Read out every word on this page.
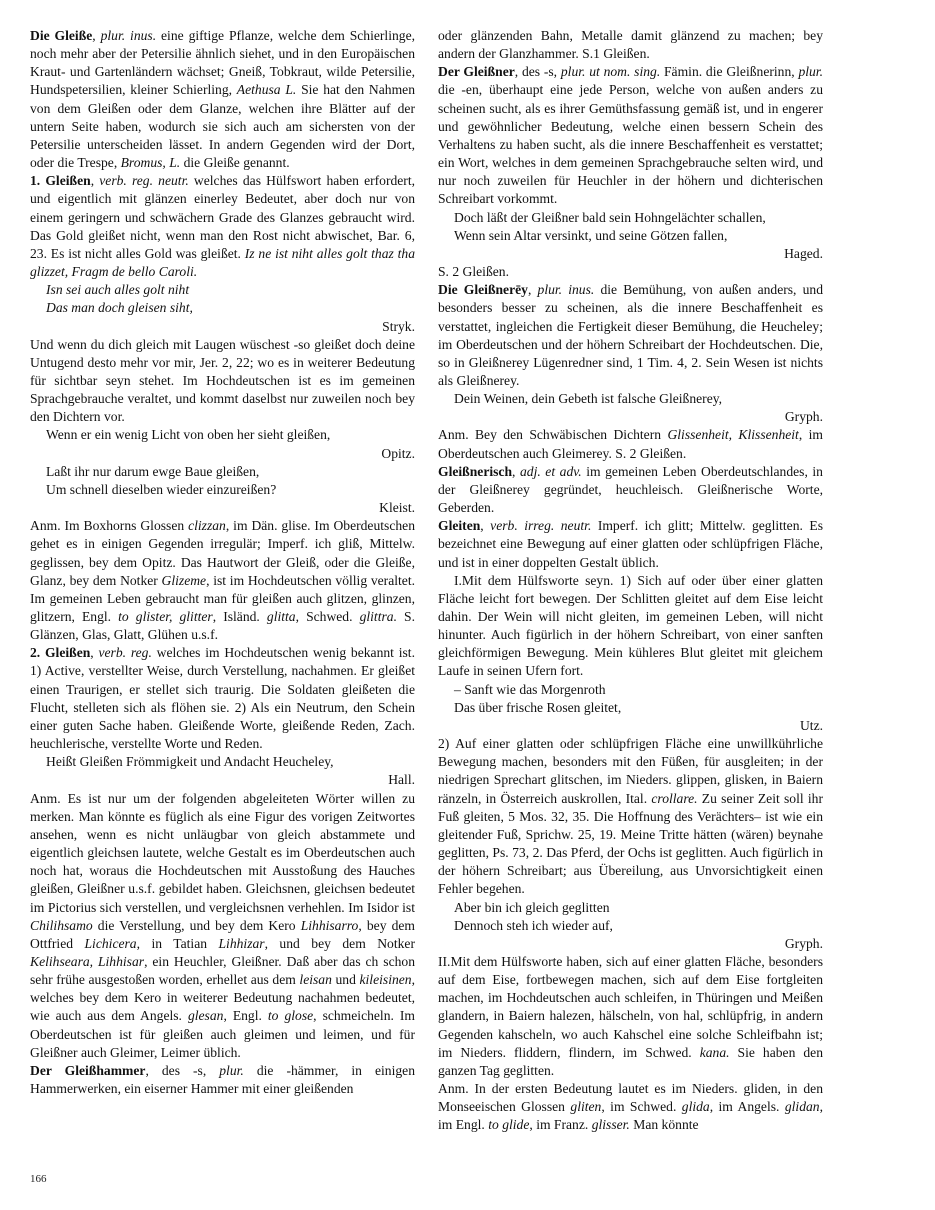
Die Gleiße, plur. inus. eine giftige Pflanze, welche dem Schierlinge, noch mehr aber der Petersilie ähnlich siehet, und in den Europäischen Kraut- und Gartenländern wächset; Gneiß, Tobkraut, wilde Petersilie, Hundspetersilien, kleiner Schierling, Aethusa L. Sie hat den Nahmen von dem Gleißen oder dem Glanze, welchen ihre Blätter auf der untern Seite haben, wodurch sie sich auch am sichersten von der Petersilie unterscheiden lässet. In andern Gegenden wird der Dort, oder die Trespe, Bromus, L. die Gleiße genannt.
1. Gleißen, verb. reg. neutr. welches das Hülfswort haben erfordert, und eigentlich mit glänzen einerley Bedeutet, aber doch nur von einem geringern und schwächern Grade des Glanzes gebraucht wird. Das Gold gleißet nicht, wenn man den Rost nicht abwischet, Bar. 6, 23. Es ist nicht alles Gold was gleißet. Iz ne ist niht alles golt thaz tha glizzet, Fragm de bello Caroli.
Isn sei auch alles golt niht
Das man doch gleisen siht,
Stryk.
Und wenn du dich gleich mit Laugen wüschest -so gleißet doch deine Untugend desto mehr vor mir, Jer. 2, 22; wo es in weiterer Bedeutung für sichtbar seyn stehet. Im Hochdeutschen ist es im gemeinen Sprachgebrauche veraltet, und kommt daselbst nur zuweilen noch bey den Dichtern vor.
Wenn er ein wenig Licht von oben her sieht gleißen,
Opitz.
Laßt ihr nur darum ewge Baue gleißen,
Um schnell dieselben wieder einzureißen?
Kleist.
Anm. Im Boxhorns Glossen clizzan, im Dän. glise. Im Oberdeutschen gehet es in einigen Gegenden irregulär; Imperf. ich gliß, Mittelw. geglissen, bey dem Opitz. Das Hautwort der Gleiß, oder die Gleiße, Glanz, bey dem Notker Glizeme, ist im Hochdeutschen völlig veraltet. Im gemeinen Leben gebraucht man für gleißen auch glitzen, glinzen, glitzern, Engl. to glister, glitter, Isländ. glitta, Schwed. glittra. S. Glänzen, Glas, Glatt, Glühen u.s.f.
2. Gleißen, verb. reg. welches im Hochdeutschen wenig bekannt ist. 1) Active, verstellter Weise, durch Verstellung, nachahmen. Er gleißet einen Traurigen, er stellet sich traurig. Die Soldaten gleißeten die Flucht, stelleten sich als flöhen sie. 2) Als ein Neutrum, den Schein einer guten Sache haben. Gleißende Worte, gleißende Reden, Zach. heuchlerische, verstellte Worte und Reden.
Heißt Gleißen Frömmigkeit und Andacht Heucheley,
Hall.
Anm. Es ist nur um der folgenden abgeleiteten Wörter willen zu merken. Man könnte es füglich als eine Figur des vorigen Zeitwortes ansehen, wenn es nicht unläugbar von gleich abstammete und eigentlich gleichsen lautete, welche Gestalt es im Oberdeutschen auch noch hat, woraus die Hochdeutschen mit Ausstoßung des Hauches gleißen, Gleißner u.s.f. gebildet haben. Gleichsnen, gleichsen bedeutet im Pictorius sich verstellen, und vergleichsnen verhehlen. Im Isidor ist Chilihsamo die Verstellung, und bey dem Kero Lihhisarro, bey dem Ottfried Lichicera, in Tatian Lihhizar, und bey dem Notker Kelihseara, Lihhisar, ein Heuchler, Gleißner. Daß aber das ch schon sehr frühe ausgestoßen worden, erhellet aus dem leisan und kileisinen, welches bey dem Kero in weiterer Bedeutung nachahmen bedeutet, wie auch aus dem Angels. glesan, Engl. to glose, schmeicheln. Im Oberdeutschen ist für gleißen auch gleimen und leimen, und für Gleißner auch Gleimer, Leimer üblich.
Der Gleißhammer, des -s, plur. die -hämmer, in einigen Hammerwerken, ein eiserner Hammer mit einer gleißenden
oder glänzenden Bahn, Metalle damit glänzend zu machen; bey andern der Glanzhammer. S.1 Gleißen.
Der Gleißner, des -s, plur. ut nom. sing. Fämin. die Gleißnerinn, plur. die -en, überhaupt eine jede Person, welche von außen anders zu scheinen sucht, als es ihrer Gemüthsfassung gemäß ist, und in engerer und gewöhnlicher Bedeutung, welche einen bessern Schein des Verhaltens zu haben sucht, als die innere Beschaffenheit es verstattet; ein Wort, welches in dem gemeinen Sprachgebrauche selten wird, und nur noch zuweilen für Heuchler in der höhern und dichterischen Schreibart vorkommt.
Doch läßt der Gleißner bald sein Hohngelächter schallen,
Wenn sein Altar versinkt, und seine Götzen fallen,
Haged.
S. 2 Gleißen.
Die Gleißnerēy, plur. inus. die Bemühung, von außen anders, und besonders besser zu scheinen, als die innere Beschaffenheit es verstattet, ingleichen die Fertigkeit dieser Bemühung, die Heucheley; im Oberdeutschen und der höhern Schreibart der Hochdeutschen. Die, so in Gleißnerey Lügenredner sind, 1 Tim. 4, 2. Sein Wesen ist nichts als Gleißnerey.
Dein Weinen, dein Gebeth ist falsche Gleißnerey,
Gryph.
Anm. Bey den Schwäbischen Dichtern Glissenheit, Klissenheit, im Oberdeutschen auch Gleimerey. S. 2 Gleißen.
Gleißnerisch, adj. et adv. im gemeinen Leben Oberdeutschlandes, in der Gleißnerey gegründet, heuchleisch. Gleißnerische Worte, Geberden.
Gleiten, verb. irreg. neutr. Imperf. ich glitt; Mittelw. geglitten. Es bezeichnet eine Bewegung auf einer glatten oder schlüpfrigen Fläche, und ist in einer doppelten Gestalt üblich.
I.Mit dem Hülfsworte seyn. 1) Sich auf oder über einer glatten Fläche leicht fort bewegen. Der Schlitten gleitet auf dem Eise leicht dahin. Der Wein will nicht gleiten, im gemeinen Leben, will nicht hinunter. Auch figürlich in der höhern Schreibart, von einer sanften gleichförmigen Bewegung. Mein kühleres Blut gleitet mit gleichem Laufe in seinen Ufern fort.
– Sanft wie das Morgenroth
Das über frische Rosen gleitet,
Utz.
2) Auf einer glatten oder schlüpfrigen Fläche eine unwillkührliche Bewegung machen, besonders mit den Füßen, für ausgleiten; in der niedrigen Sprechart glitschen, im Nieders. glippen, glisken, in Baiern ränzeln, in Österreich auskrollen, Ital. crollare. Zu seiner Zeit soll ihr Fuß gleiten, 5 Mos. 32, 35. Die Hoffnung des Verächters– ist wie ein gleitender Fuß, Sprichw. 25, 19. Meine Tritte hätten (wären) beynahe geglitten, Ps. 73, 2. Das Pferd, der Ochs ist geglitten. Auch figürlich in der höhern Schreibart; aus Übereilung, aus Unvorsichtigkeit einen Fehler begehen.
Aber bin ich gleich geglitten
Dennoch steh ich wieder auf,
Gryph.
II.Mit dem Hülfsworte haben, sich auf einer glatten Fläche, besonders auf dem Eise, fortbewegen machen, sich auf dem Eise fortgleiten machen, im Hochdeutschen auch schleifen, in Thüringen und Meißen glandern, in Baiern halezen, hälscheln, von hal, schlüpfrig, in andern Gegenden kahscheln, wo auch Kahschel eine solche Schleifbahn ist; im Nieders. fliddern, flindern, im Schwed. kana. Sie haben den ganzen Tag geglitten.
Anm. In der ersten Bedeutung lautet es im Nieders. gliden, in den Monseeischen Glossen gliten, im Schwed. glida, im Angels. glidan, im Engl. to glide, im Franz. glisser. Man könnte
166
